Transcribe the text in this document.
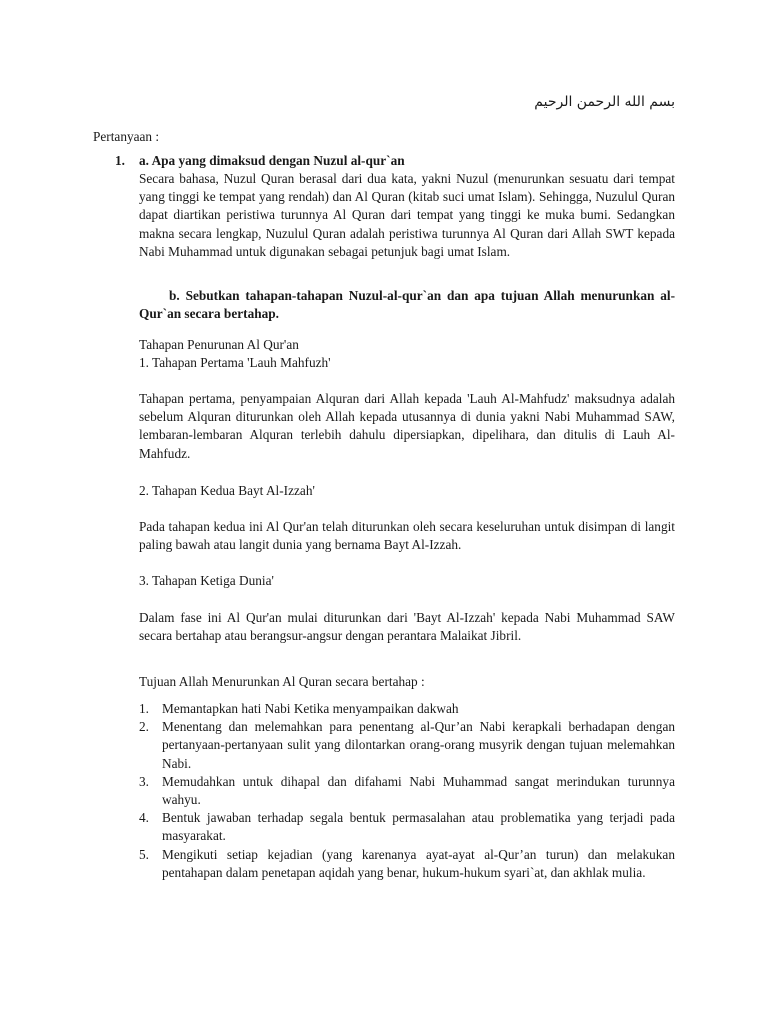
بسم الله الرحمن الرحيم
Pertanyaan :
1. a. Apa yang dimaksud dengan Nuzul al-qur`an
Secara bahasa, Nuzul Quran berasal dari dua kata, yakni Nuzul (menurunkan sesuatu dari tempat yang tinggi ke tempat yang rendah) dan Al Quran (kitab suci umat Islam). Sehingga, Nuzulul Quran dapat diartikan peristiwa turunnya Al Quran dari tempat yang tinggi ke muka bumi. Sedangkan makna secara lengkap, Nuzulul Quran adalah peristiwa turunnya Al Quran dari Allah SWT kepada Nabi Muhammad untuk digunakan sebagai petunjuk bagi umat Islam.
b. Sebutkan tahapan-tahapan Nuzul-al-qur`an dan apa tujuan Allah menurunkan al-Qur`an secara bertahap.
Tahapan Penurunan Al Qur'an
1. Tahapan Pertama 'Lauh Mahfuzh'
Tahapan pertama, penyampaian Alquran dari Allah kepada 'Lauh Al-Mahfudz' maksudnya adalah sebelum Alquran diturunkan oleh Allah kepada utusannya di dunia yakni Nabi Muhammad SAW, lembaran-lembaran Alquran terlebih dahulu dipersiapkan, dipelihara, dan ditulis di Lauh Al-Mahfudz.
2. Tahapan Kedua Bayt Al-Izzah'
Pada tahapan kedua ini Al Qur'an telah diturunkan oleh secara keseluruhan untuk disimpan di langit paling bawah atau langit dunia yang bernama Bayt Al-Izzah.
3. Tahapan Ketiga Dunia'
Dalam fase ini Al Qur'an mulai diturunkan dari 'Bayt Al-Izzah' kepada Nabi Muhammad SAW secara bertahap atau berangsur-angsur dengan perantara Malaikat Jibril.
Tujuan Allah Menurunkan Al Quran secara bertahap :
1. Memantapkan hati Nabi Ketika menyampaikan dakwah
2. Menentang dan melemahkan para penentang al-Qur’an Nabi kerapkali berhadapan dengan pertanyaan-pertanyaan sulit yang dilontarkan orang-orang musyrik dengan tujuan melemahkan Nabi.
3. Memudahkan untuk dihapal dan difahami Nabi Muhammad sangat merindukan turunnya wahyu.
4. Bentuk jawaban terhadap segala bentuk permasalahan atau problematika yang terjadi pada masyarakat.
5. Mengikuti setiap kejadian (yang karenanya ayat-ayat al-Qur’an turun) dan melakukan pentahapan dalam penetapan aqidah yang benar, hukum-hukum syari`at, dan akhlak mulia.
